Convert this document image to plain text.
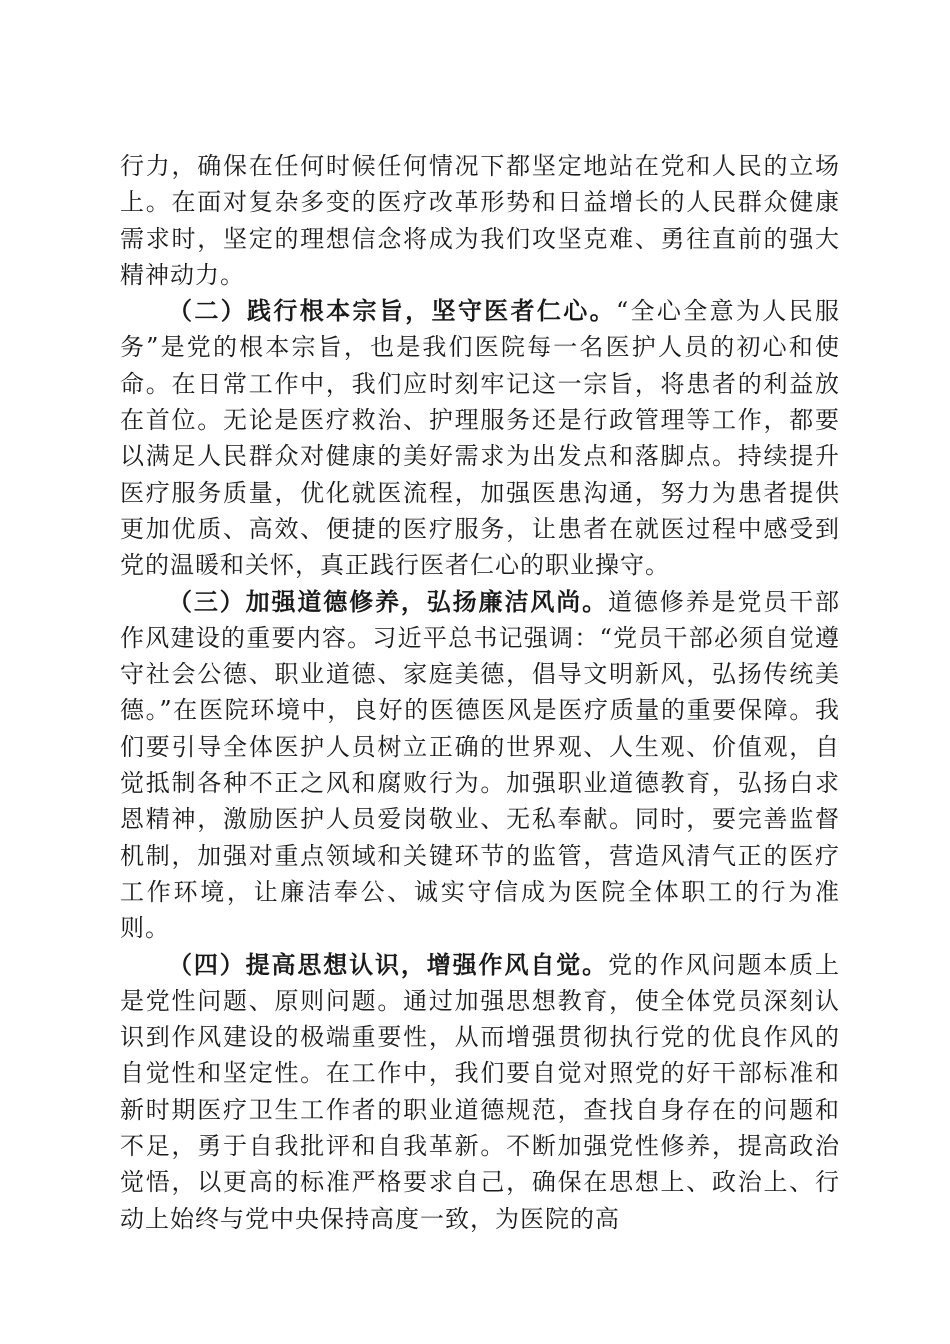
行力，确保在任何时候任何情况下都坚定地站在党和人民的立场上。在面对复杂多变的医疗改革形势和日益增长的人民群众健康需求时，坚定的理想信念将成为我们攻坚克难、勇往直前的强大精神动力。

（二）践行根本宗旨，坚守医者仁心。“全心全意为人民服务”是党的根本宗旨，也是我们医院每一名医护人员的初心和使命。在日常工作中，我们应时刻牢记这一宗旨，将患者的利益放在首位。无论是医疗救治、护理服务还是行政管理等工作，都要以满足人民群众对健康的美好需求为出发点和落脚点。持续提升医疗服务质量，优化就医流程，加强医患沟通，努力为患者提供更加优质、高效、便捷的医疗服务，让患者在就医过程中感受到党的温暖和关怀，真正践行医者仁心的职业操守。

（三）加强道德修养，弘扬廉洁风尚。道德修养是党员干部作风建设的重要内容。习近平总书记强调：“党员干部必须自觉遵守社会公德、职业道德、家庭美德，倡导文明新风，弘扬传统美德。”在医院环境中，良好的医德医风是医疗质量的重要保障。我们要引导全体医护人员树立正确的世界观、人生观、价值观，自觉抵制各种不正之风和腐败行为。加强职业道德教育，弘扬白求恩精神，激励医护人员爱岗敬业、无私奉献。同时，要完善监督机制，加强对重点领域和关键环节的监管，营造风清气正的医疗工作环境，让廉洁奉公、诚实守信成为医院全体职工的行为准则。

（四）提高思想认识，增强作风自觉。党的作风问题本质上是党性问题、原则问题。通过加强思想教育，使全体党员深刻认识到作风建设的极端重要性，从而增强贯彻执行党的优良作风的自觉性和坚定性。在工作中，我们要自觉对照党的好干部标准和新时期医疗卫生工作者的职业道德规范，查找自身存在的问题和不足，勇于自我批评和自我革新。不断加强党性修养，提高政治觉悟，以更高的标准严格要求自己，确保在思想上、政治上、行动上始终与党中央保持高度一致，为医院的高
